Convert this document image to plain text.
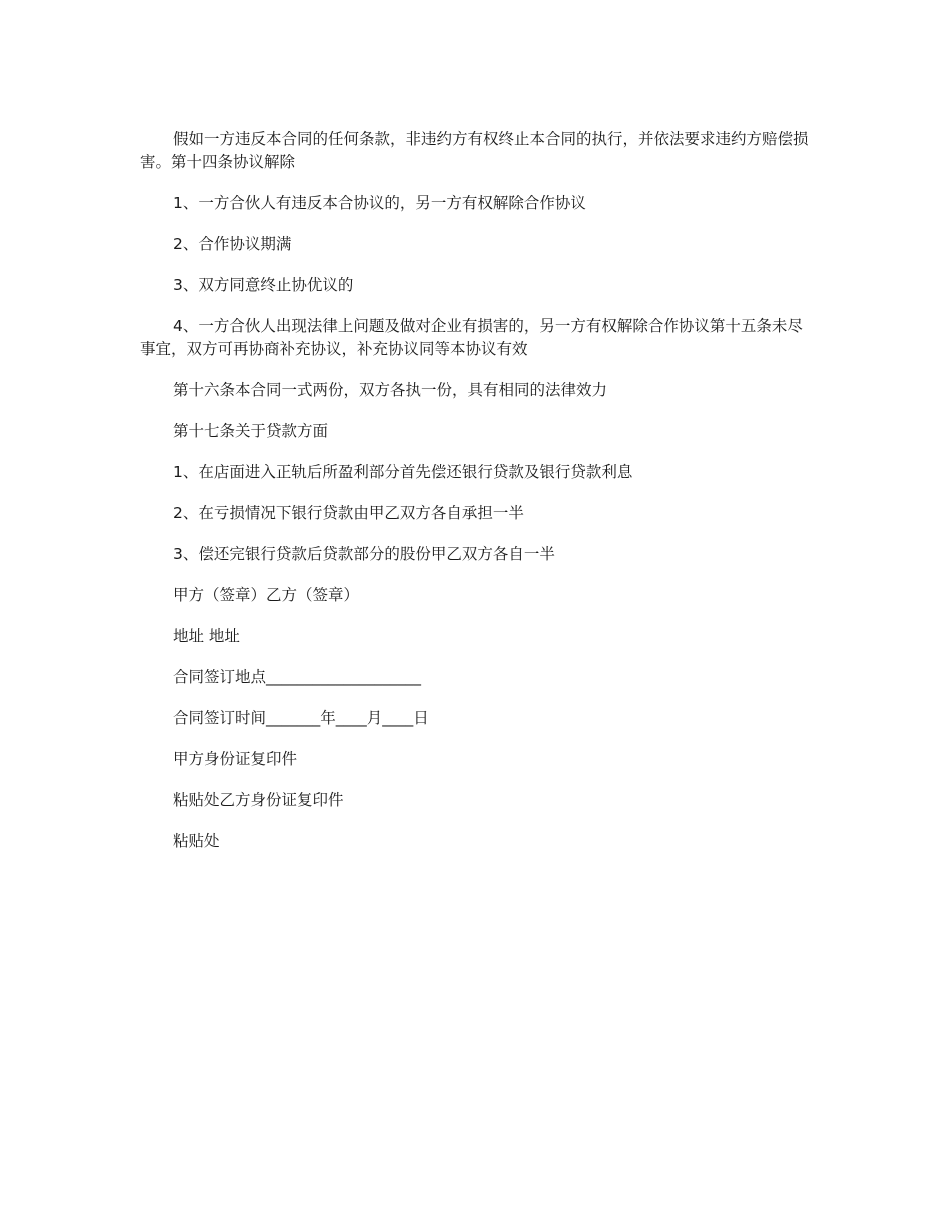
假如一方违反本合同的任何条款，非违约方有权终止本合同的执行，并依法要求违约方赔偿损害。第十四条协议解除

1、一方合伙人有违反本合协议的，另一方有权解除合作协议

2、合作协议期满

3、双方同意终止协优议的

4、一方合伙人出现法律上问题及做对企业有损害的，另一方有权解除合作协议第十五条未尽事宜，双方可再协商补充协议，补充协议同等本协议有效

第十六条本合同一式两份，双方各执一份，具有相同的法律效力

第十七条关于贷款方面

1、在店面进入正轨后所盈利部分首先偿还银行贷款及银行贷款利息

2、在亏损情况下银行贷款由甲乙双方各自承担一半

3、偿还完银行贷款后贷款部分的股份甲乙双方各自一半

甲方（签章）乙方（签章）

地址 地址

合同签订地点____________________

合同签订时间_______年____月____日

甲方身份证复印件

粘贴处乙方身份证复印件

粘贴处
